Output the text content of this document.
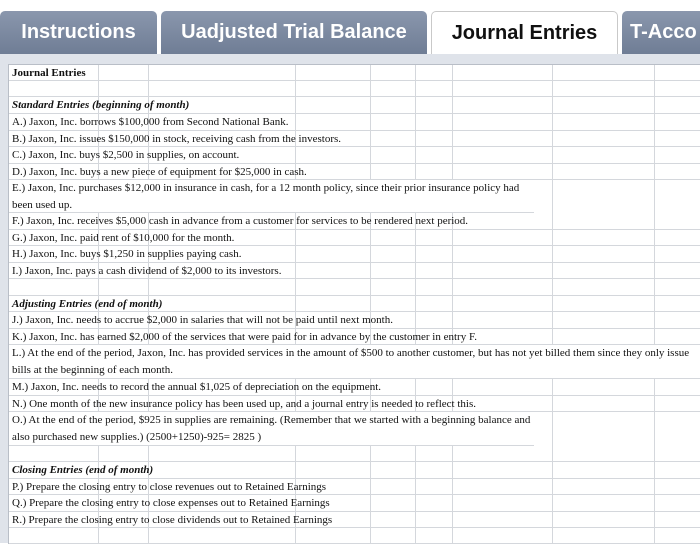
Instructions	Uadjusted Trial Balance	Journal Entries	T-Acco
Journal Entries
Standard Entries (beginning of month)
A.) Jaxon, Inc. borrows $100,000 from Second National Bank.
B.) Jaxon, Inc. issues $150,000 in stock, receiving cash from the investors.
C.) Jaxon, Inc. buys $2,500 in supplies, on account.
D.) Jaxon, Inc. buys a new piece of equipment for $25,000 in cash.
E.) Jaxon, Inc. purchases $12,000 in insurance in cash, for a 12 month policy, since their prior insurance policy had been used up.
F.) Jaxon, Inc. receives $5,000 cash in advance from a customer for services to be rendered next period.
G.) Jaxon, Inc. paid rent of $10,000 for the month.
H.) Jaxon, Inc. buys $1,250 in supplies paying cash.
I.) Jaxon, Inc. pays a cash dividend of $2,000 to its investors.
Adjusting Entries (end of month)
J.) Jaxon, Inc. needs to accrue $2,000 in salaries that will not be paid until next month.
K.) Jaxon, Inc. has earned $2,000 of the services that were paid for in advance by the customer in entry F.
L.) At the end of the period, Jaxon, Inc. has provided services in the amount of $500 to another customer, but has not yet billed them since they only issue bills at the beginning of each month.
M.) Jaxon, Inc. needs to record the annual $1,025 of depreciation on the equipment.
N.) One month of the new insurance policy has been used up, and a journal entry is needed to reflect this.
O.) At the end of the period, $925 in supplies are remaining. (Remember that we started with a beginning balance and also purchased new supplies.) (2500+1250)-925= 2825 )
Closing Entries (end of month)
P.) Prepare the closing entry to close revenues out to Retained Earnings
Q.) Prepare the closing entry to close expenses out to Retained Earnings
R.) Prepare the closing entry to close dividends out to Retained Earnings
